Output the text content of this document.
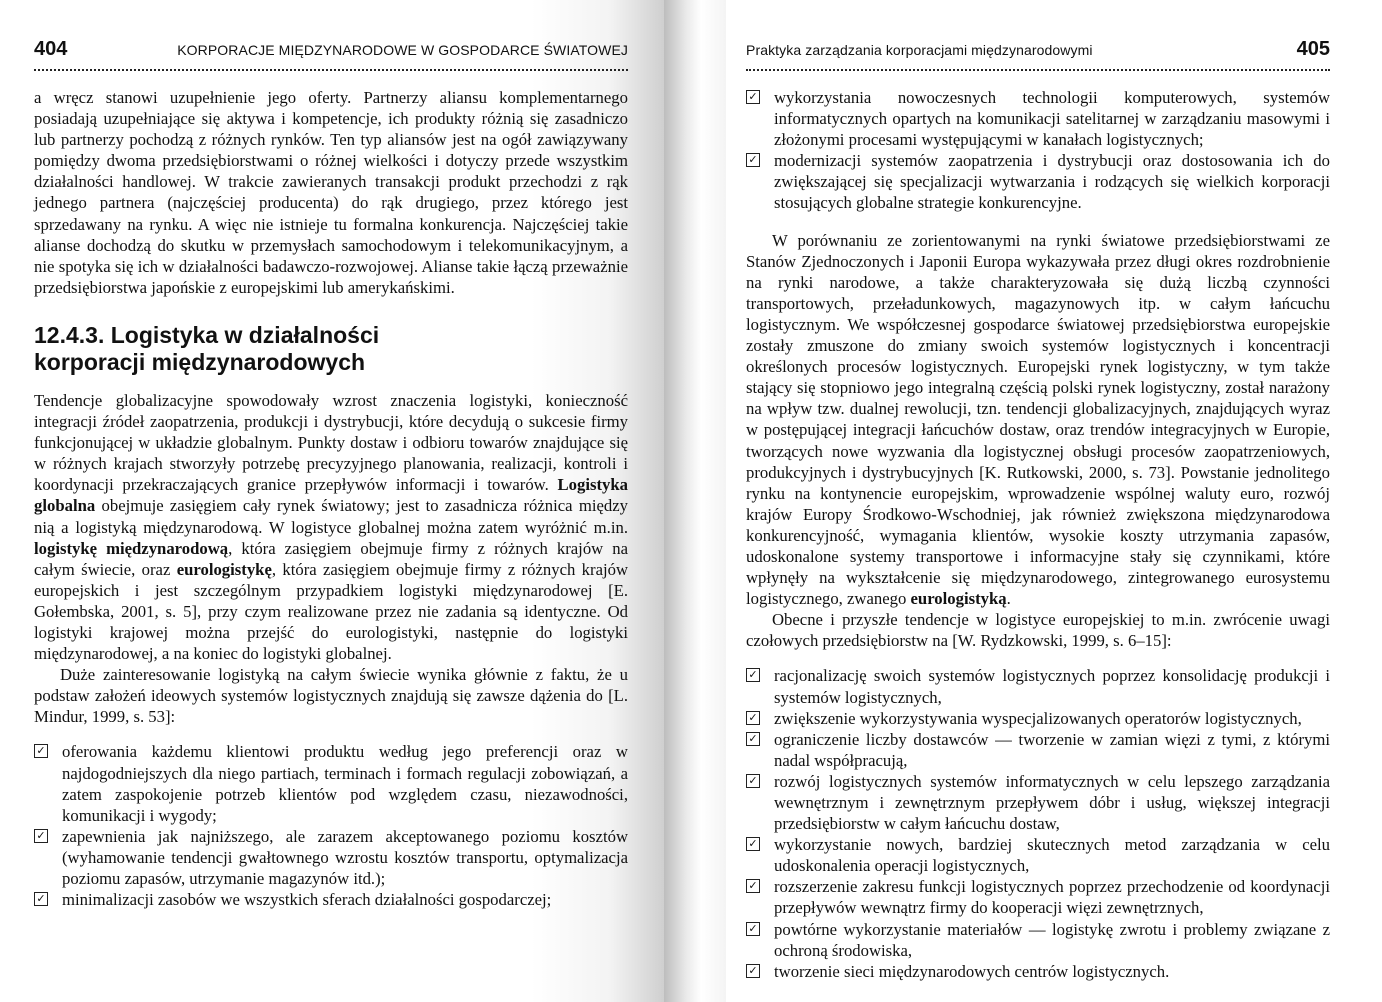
404	KORPORACJE MIĘDZYNARODOWE W GOSPODARCE ŚWIATOWEJ

a wręcz stanowi uzupełnienie jego oferty. Partnerzy aliansu komplementarnego posiadają uzupełniające się aktywa i kompetencje, ich produkty różnią się zasadniczo lub partnerzy pochodzą z różnych rynków. Ten typ aliansów jest na ogół zawiązywany pomiędzy dwoma przedsiębiorstwami o różnej wielkości i dotyczy przede wszystkim działalności handlowej. W trakcie zawieranych transakcji produkt przechodzi z rąk jednego partnera (najczęściej producenta) do rąk drugiego, przez którego jest sprzedawany na rynku. A więc nie istnieje tu formalna konkurencja. Najczęściej takie alianse dochodzą do skutku w przemysłach samochodowym i telekomunikacyjnym, a nie spotyka się ich w działalności badawczo-rozwojowej. Alianse takie łączą przeważnie przedsiębiorstwa japońskie z europejskimi lub amerykańskimi.

12.4.3. Logistyka w działalności
korporacji międzynarodowych

Tendencje globalizacyjne spowodowały wzrost znaczenia logistyki, konieczność integracji źródeł zaopatrzenia, produkcji i dystrybucji, które decydują o sukcesie firmy funkcjonującej w układzie globalnym. Punkty dostaw i odbioru towarów znajdujące się w różnych krajach stworzyły potrzebę precyzyjnego planowania, realizacji, kontroli i koordynacji przekraczających granice przepływów informacji i towarów. Logistyka globalna obejmuje zasięgiem cały rynek światowy; jest to zasadnicza różnica między nią a logistyką międzynarodową. W logistyce globalnej można zatem wyróżnić m.in. logistykę międzynarodową, która zasięgiem obejmuje firmy z różnych krajów na całym świecie, oraz eurologistykę, która zasięgiem obejmuje firmy z różnych krajów europejskich i jest szczególnym przypadkiem logistyki międzynarodowej [E. Gołembska, 2001, s. 5], przy czym realizowane przez nie zadania są identyczne. Od logistyki krajowej można przejść do eurologistyki, następnie do logistyki międzynarodowej, a na koniec do logistyki globalnej.

Duże zainteresowanie logistyką na całym świecie wynika głównie z faktu, że u podstaw założeń ideowych systemów logistycznych znajdują się zawsze dążenia do [L. Mindur, 1999, s. 53]:

✓ oferowania każdemu klientowi produktu według jego preferencji oraz w najdogodniejszych dla niego partiach, terminach i formach regulacji zobowiązań, a zatem zaspokojenie potrzeb klientów pod względem czasu, niezawodności, komunikacji i wygody;
✓ zapewnienia jak najniższego, ale zarazem akceptowanego poziomu kosztów (wyhamowanie tendencji gwałtownego wzrostu kosztów transportu, optymalizacja poziomu zapasów, utrzymanie magazynów itd.);
✓ minimalizacji zasobów we wszystkich sferach działalności gospodarczej;
Praktyka zarządzania korporacjami międzynarodowymi	405
✓ wykorzystania nowoczesnych technologii komputerowych, systemów informatycznych opartych na komunikacji satelitarnej w zarządzaniu masowymi i złożonymi procesami występującymi w kanałach logistycznych;
✓ modernizacji systemów zaopatrzenia i dystrybucji oraz dostosowania ich do zwiększającej się specjalizacji wytwarzania i rodzących się wielkich korporacji stosujących globalne strategie konkurencyjne.

W porównaniu ze zorientowanymi na rynki światowe przedsiębiorstwami ze Stanów Zjednoczonych i Japonii Europa wykazywała przez długi okres rozdrobnienie na rynki narodowe, a także charakteryzowała się dużą liczbą czynności transportowych, przeładunkowych, magazynowych itp. w całym łańcuchu logistycznym. We współczesnej gospodarce światowej przedsiębiorstwa europejskie zostały zmuszone do zmiany swoich systemów logistycznych i koncentracji określonych procesów logistycznych. Europejski rynek logistyczny, w tym także stający się stopniowo jego integralną częścią polski rynek logistyczny, został narażony na wpływ tzw. dualnej rewolucji, tzn. tendencji globalizacyjnych, znajdujących wyraz w postępującej integracji łańcuchów dostaw, oraz trendów integracyjnych w Europie, tworzących nowe wyzwania dla logistycznej obsługi procesów zaopatrzeniowych, produkcyjnych i dystrybucyjnych [K. Rutkowski, 2000, s. 73]. Powstanie jednolitego rynku na kontynencie europejskim, wprowadzenie wspólnej waluty euro, rozwój krajów Europy Środkowo-Wschodniej, jak również zwiększona międzynarodowa konkurencyjność, wymagania klientów, wysokie koszty utrzymania zapasów, udoskonalone systemy transportowe i informacyjne stały się czynnikami, które wpłynęły na wykształcenie się międzynarodowego, zintegrowanego eurosystemu logistycznego, zwanego eurologistyką.

Obecne i przyszłe tendencje w logistyce europejskiej to m.in. zwrócenie uwagi czołowych przedsiębiorstw na [W. Rydzkowski, 1999, s. 6–15]:

✓ racjonalizację swoich systemów logistycznych poprzez konsolidację produkcji i systemów logistycznych,
✓ zwiększenie wykorzystywania wyspecjalizowanych operatorów logistycznych,
✓ ograniczenie liczby dostawców — tworzenie w zamian więzi z tymi, z którymi nadal współpracują,
✓ rozwój logistycznych systemów informatycznych w celu lepszego zarządzania wewnętrznym i zewnętrznym przepływem dóbr i usług, większej integracji przedsiębiorstw w całym łańcuchu dostaw,
✓ wykorzystanie nowych, bardziej skutecznych metod zarządzania w celu udoskonalenia operacji logistycznych,
✓ rozszerzenie zakresu funkcji logistycznych poprzez przechodzenie od koordynacji przepływów wewnątrz firmy do kooperacji więzi zewnętrznych,
✓ powtórne wykorzystanie materiałów — logistykę zwrotu i problemy związane z ochroną środowiska,
✓ tworzenie sieci międzynarodowych centrów logistycznych.
